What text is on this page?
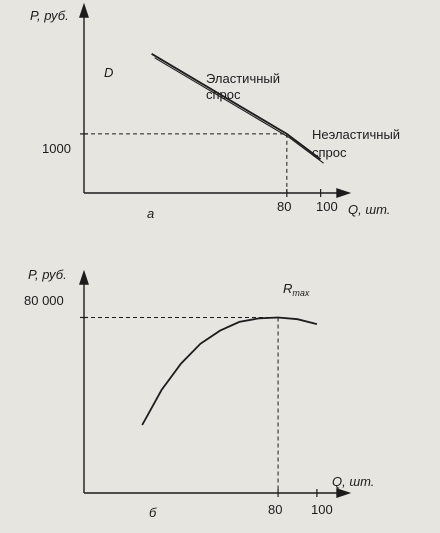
P, руб.
Q, шт.
1000
80 100
а
D	Эластичный
спрос
Неэластичный
спрос
P, руб.
Q, шт.
80 000
80 100
б
$R_{max}$
